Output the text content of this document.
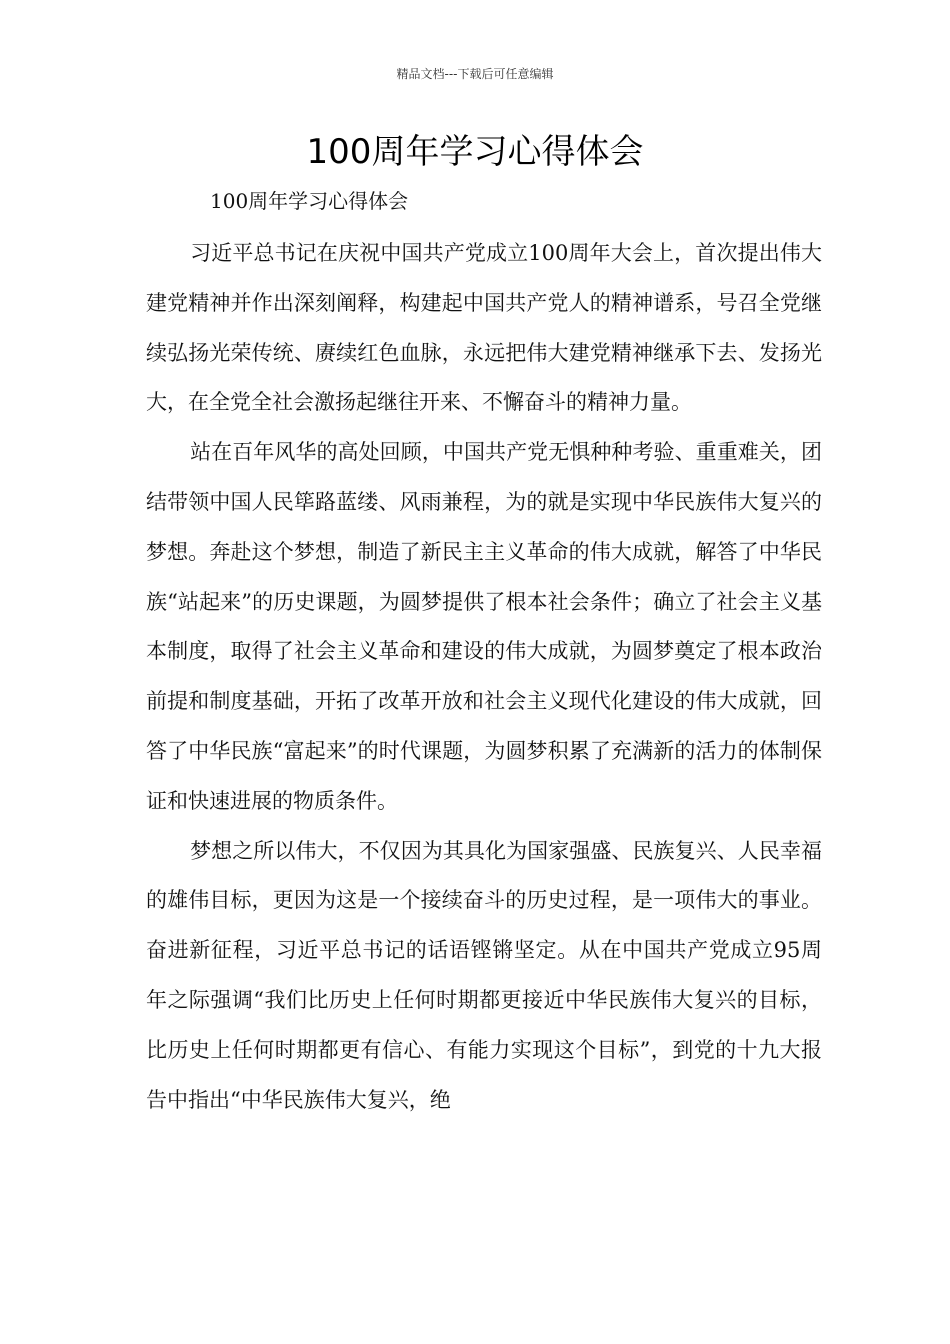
精品文档---下载后可任意编辑
100周年学习心得体会
100周年学习心得体会

习近平总书记在庆祝中国共产党成立100周年大会上，首次提出伟大建党精神并作出深刻阐释，构建起中国共产党人的精神谱系，号召全党继续弘扬光荣传统、赓续红色血脉，永远把伟大建党精神继承下去、发扬光大，在全党全社会激扬起继往开来、不懈奋斗的精神力量。

站在百年风华的高处回顾，中国共产党无惧种种考验、重重难关，团结带领中国人民筚路蓝缕、风雨兼程，为的就是实现中华民族伟大复兴的梦想。奔赴这个梦想，制造了新民主主义革命的伟大成就，解答了中华民族“站起来”的历史课题，为圆梦提供了根本社会条件；确立了社会主义基本制度，取得了社会主义革命和建设的伟大成就，为圆梦奠定了根本政治前提和制度基础，开拓了改革开放和社会主义现代化建设的伟大成就，回答了中华民族“富起来”的时代课题，为圆梦积累了充满新的活力的体制保证和快速进展的物质条件。

梦想之所以伟大，不仅因为其具化为国家强盛、民族复兴、人民幸福的雄伟目标，更因为这是一个接续奋斗的历史过程，是一项伟大的事业。奋进新征程，习近平总书记的话语铿锵坚定。从在中国共产党成立95周年之际强调“我们比历史上任何时期都更接近中华民族伟大复兴的目标，比历史上任何时期都更有信心、有能力实现这个目标”，到党的十九大报告中指出“中华民族伟大复兴，绝
